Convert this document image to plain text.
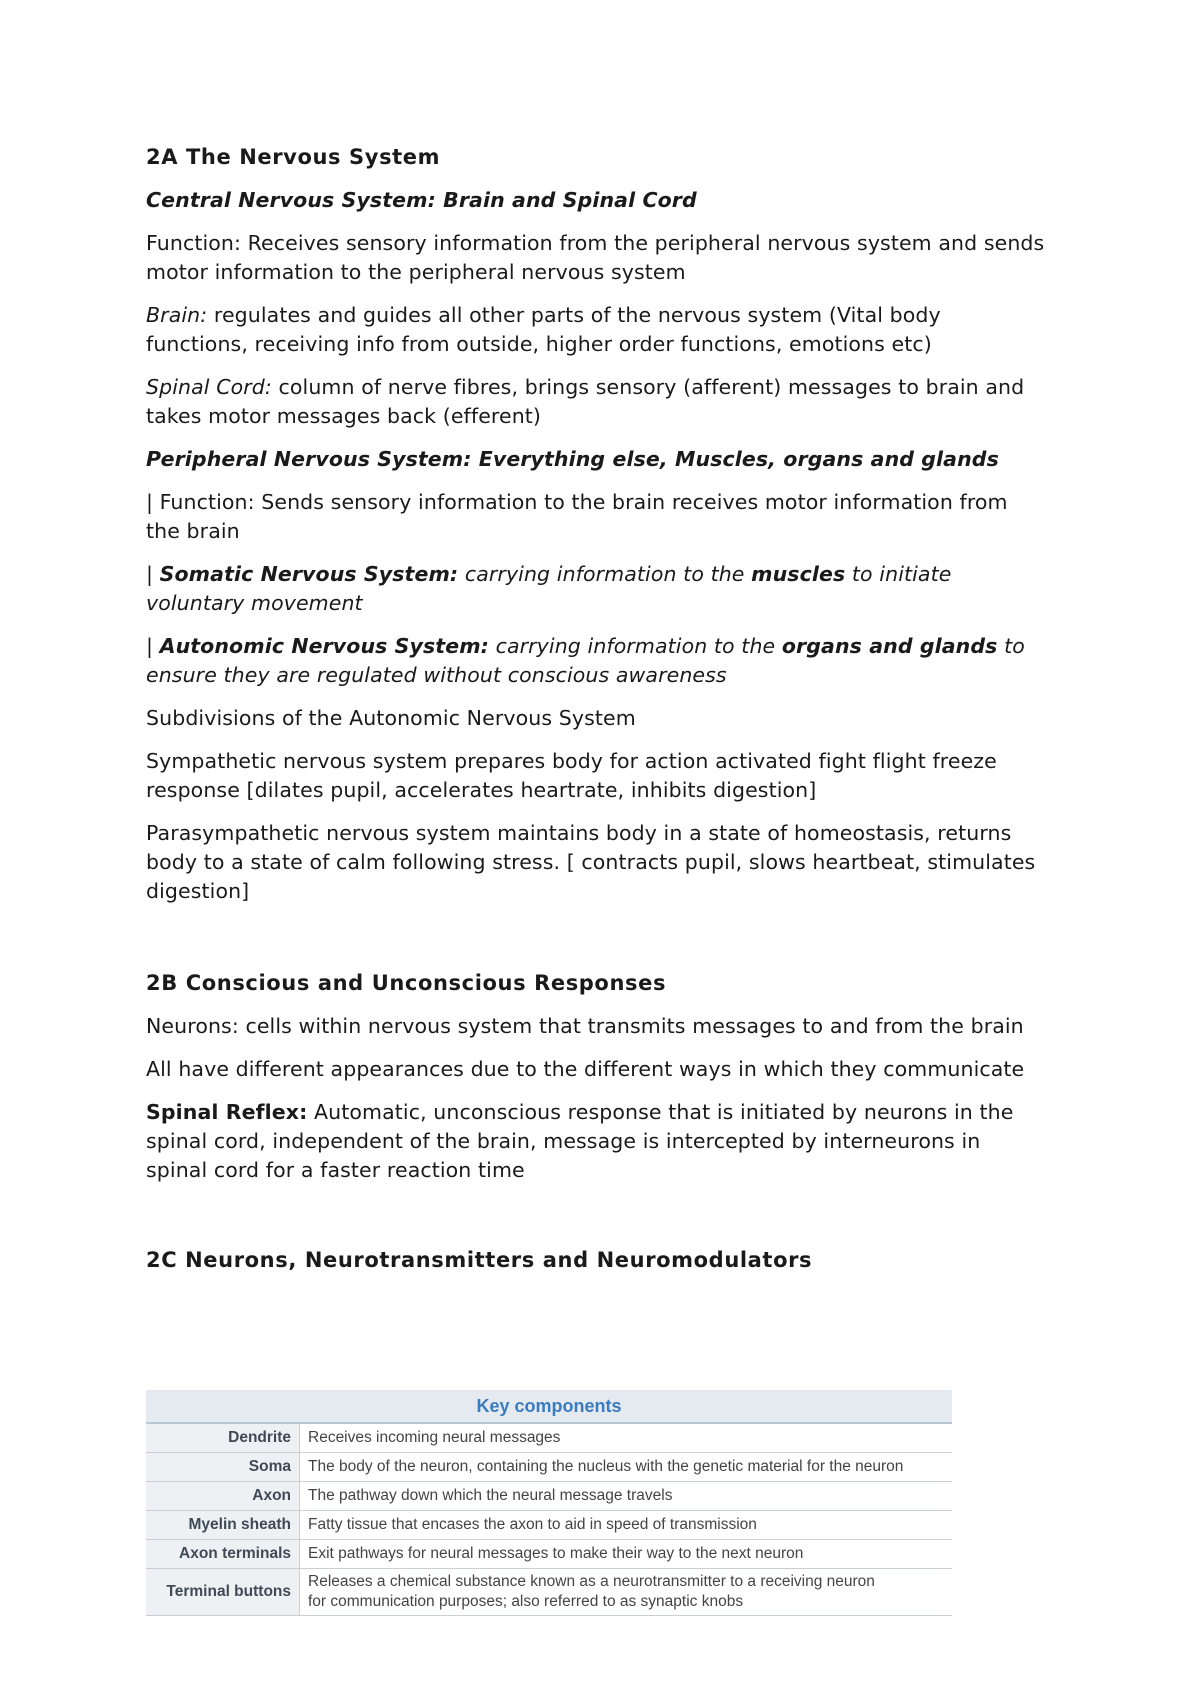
2A The Nervous System

Central Nervous System: Brain and Spinal Cord

Function: Receives sensory information from the peripheral nervous system and sends motor information to the peripheral nervous system

Brain: regulates and guides all other parts of the nervous system (Vital body functions, receiving info from outside, higher order functions, emotions etc)

Spinal Cord: column of nerve fibres, brings sensory (afferent) messages to brain and takes motor messages back (efferent)

Peripheral Nervous System: Everything else, Muscles, organs and glands

| Function: Sends sensory information to the brain receives motor information from the brain

| Somatic Nervous System: carrying information to the muscles to initiate voluntary movement

| Autonomic Nervous System: carrying information to the organs and glands to ensure they are regulated without conscious awareness

Subdivisions of the Autonomic Nervous System

Sympathetic nervous system prepares body for action activated fight flight freeze response [dilates pupil, accelerates heartrate, inhibits digestion]

Parasympathetic nervous system maintains body in a state of homeostasis, returns body to a state of calm following stress. [ contracts pupil, slows heartbeat, stimulates digestion]

2B Conscious and Unconscious Responses

Neurons: cells within nervous system that transmits messages to and from the brain

All have different appearances due to the different ways in which they communicate

Spinal Reflex: Automatic, unconscious response that is initiated by neurons in the spinal cord, independent of the brain, message is intercepted by interneurons in spinal cord for a faster reaction time

2C Neurons, Neurotransmitters and Neuromodulators
Key components	
Dendrite	Receives incoming neural messages
Soma	The body of the neuron, containing the nucleus with the genetic material for the neuron
Axon	The pathway down which the neural message travels
Myelin sheath	Fatty tissue that encases the axon to aid in speed of transmission
Axon terminals	Exit pathways for neural messages to make their way to the next neuron
Terminal buttons	Releases a chemical substance known as a neurotransmitter to a receiving neuron
for communication purposes; also referred to as synaptic knobs
